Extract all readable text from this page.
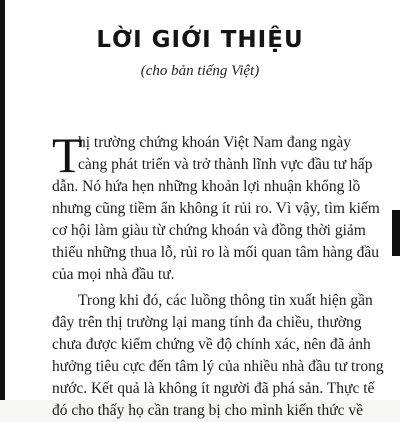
LỜI GIỚI THIỆU
(cho bản tiếng Việt)
T
hị trường chứng khoán Việt Nam đang ngày
càng phát triển và trở thành lĩnh vực đầu tư hấp
dẫn. Nó hứa hẹn những khoản lợi nhuận khổng lồ
nhưng cũng tiềm ẩn không ít rủi ro. Vì vậy, tìm kiếm
cơ hội làm giàu từ chứng khoán và đồng thời giảm
thiểu những thua lỗ, rủi ro là mối quan tâm hàng đầu
của mọi nhà đầu tư.
Trong khi đó, các luồng thông tin xuất hiện gần
đây trên thị trường lại mang tính đa chiều, thường
chưa được kiểm chứng về độ chính xác, nên đã ảnh
hưởng tiêu cực đến tâm lý của nhiều nhà đầu tư trong
nước. Kết quả là không ít người đã phá sản. Thực tế
đó cho thấy họ cần trang bị cho mình kiến thức về
